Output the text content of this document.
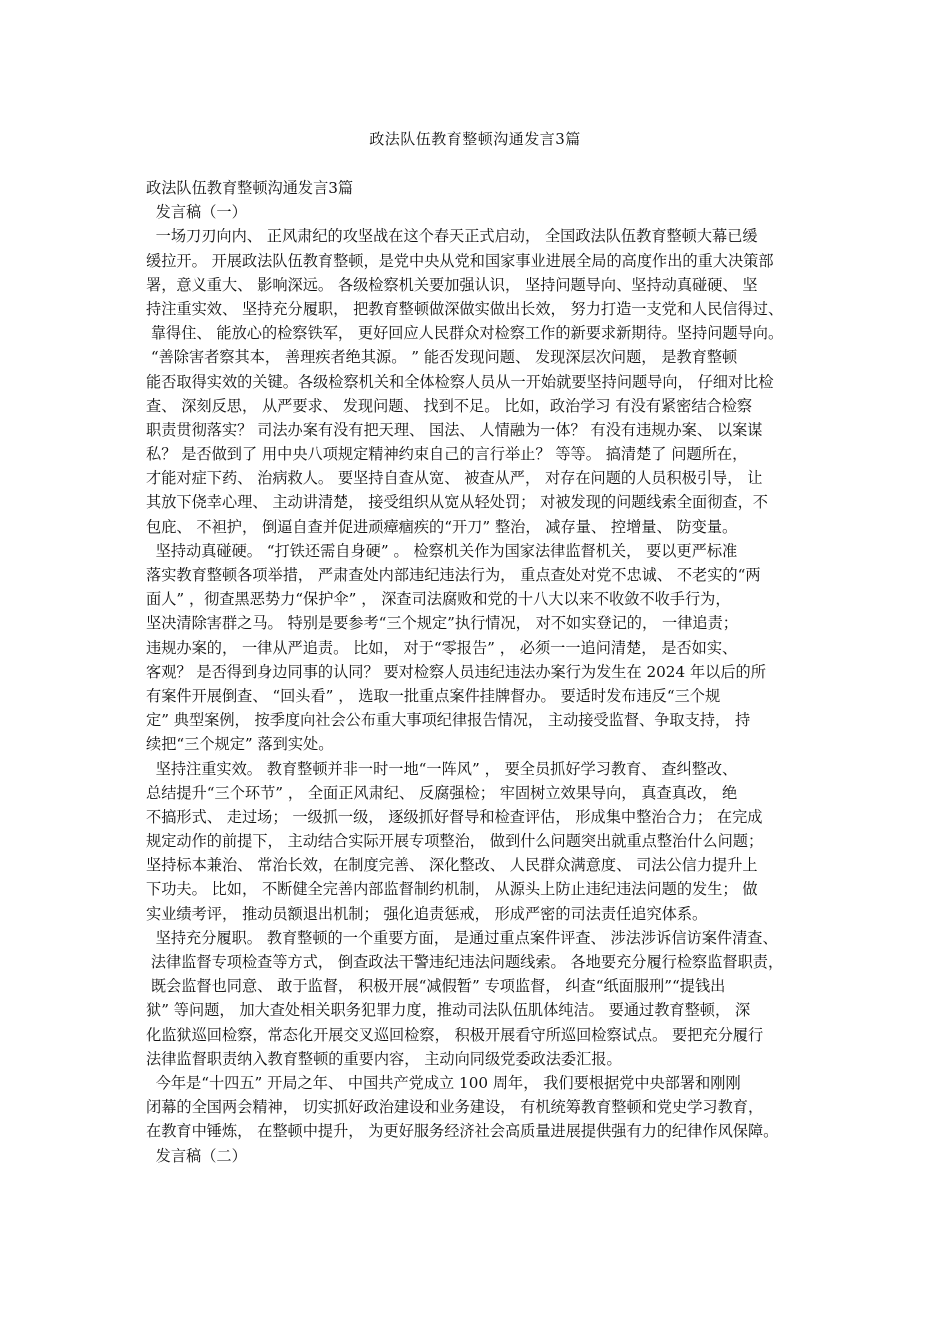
政法队伍教育整顿沟通发言3篇
政法队伍教育整顿沟通发言3篇
发言稿（一）
一场刀刃向内、 正风肃纪的攻坚战在这个春天正式启动， 全国政法队伍教育整顿大幕已缓
缓拉开。 开展政法队伍教育整顿，是党中央从党和国家事业进展全局的高度作出的重大决策部
署，意义重大、 影响深远。 各级检察机关要加强认识， 坚持问题导向、坚持动真碰硬、 坚
持注重实效、 坚持充分履职， 把教育整顿做深做实做出长效， 努力打造一支党和人民信得过、
靠得住、 能放心的检察铁军， 更好回应人民群众对检察工作的新要求新期待。坚持问题导向。
“善除害者察其本， 善理疾者绝其源。 ” 能否发现问题、 发现深层次问题， 是教育整顿
能否取得实效的关键。各级检察机关和全体检察人员从一开始就要坚持问题导向， 仔细对比检
查、 深刻反思， 从严要求、 发现问题、 找到不足。 比如，政治学习 有没有紧密结合检察
职责贯彻落实？ 司法办案有没有把天理、 国法、 人情融为一体？ 有没有违规办案、 以案谋
私？ 是否做到了 用中央八项规定精神约束自己的言行举止？ 等等。 搞清楚了 问题所在，
才能对症下药、 治病救人。 要坚持自查从宽、 被查从严， 对存在问题的人员积极引导， 让
其放下侥幸心理、 主动讲清楚， 接受组织从宽从轻处罚； 对被发现的问题线索全面彻查，不
包庇、 不袒护， 倒逼自查并促进顽瘴痼疾的“开刀” 整治， 减存量、 控增量、 防变量。
坚持动真碰硬。 “打铁还需自身硬” 。 检察机关作为国家法律监督机关， 要以更严标准
落实教育整顿各项举措， 严肃查处内部违纪违法行为， 重点查处对党不忠诚、 不老实的“两
面人” ，彻查黑恶势力“保护伞” ， 深查司法腐败和党的十八大以来不收敛不收手行为，
坚决清除害群之马。 特别是要参考“三个规定”执行情况， 对不如实登记的， 一律追责；
违规办案的， 一律从严追责。 比如， 对于“零报告” ， 必须一一追问清楚， 是否如实、
客观？ 是否得到身边同事的认同？ 要对检察人员违纪违法办案行为发生在 2024 年以后的所
有案件开展倒查、 “回头看” ， 选取一批重点案件挂牌督办。 要适时发布违反“三个规
定” 典型案例， 按季度向社会公布重大事项纪律报告情况， 主动接受监督、争取支持， 持
续把“三个规定” 落到实处。
坚持注重实效。 教育整顿并非一时一地“一阵风” ， 要全员抓好学习教育、 查纠整改、
总结提升“三个环节” ， 全面正风肃纪、 反腐强检； 牢固树立效果导向， 真查真改， 绝
不搞形式、 走过场； 一级抓一级， 逐级抓好督导和检查评估， 形成集中整治合力； 在完成
规定动作的前提下， 主动结合实际开展专项整治， 做到什么问题突出就重点整治什么问题；
坚持标本兼治、 常治长效，在制度完善、 深化整改、 人民群众满意度、 司法公信力提升上
下功夫。 比如， 不断健全完善内部监督制约机制， 从源头上防止违纪违法问题的发生； 做
实业绩考评， 推动员额退出机制； 强化追责惩戒， 形成严密的司法责任追究体系。
坚持充分履职。 教育整顿的一个重要方面， 是通过重点案件评查、 涉法涉诉信访案件清查、
法律监督专项检查等方式， 倒查政法干警违纪违法问题线索。 各地要充分履行检察监督职责，
既会监督也同意、 敢于监督， 积极开展“减假暂” 专项监督， 纠查“纸面服刑”“提钱出
狱” 等问题， 加大查处相关职务犯罪力度，推动司法队伍肌体纯洁。 要通过教育整顿， 深
化监狱巡回检察，常态化开展交叉巡回检察， 积极开展看守所巡回检察试点。 要把充分履行
法律监督职责纳入教育整顿的重要内容， 主动向同级党委政法委汇报。
今年是“十四五” 开局之年、 中国共产党成立 100 周年， 我们要根据党中央部署和刚刚
闭幕的全国两会精神， 切实抓好政治建设和业务建设， 有机统筹教育整顿和党史学习教育，
在教育中锤炼， 在整顿中提升， 为更好服务经济社会高质量进展提供强有力的纪律作风保障。
发言稿（二）
